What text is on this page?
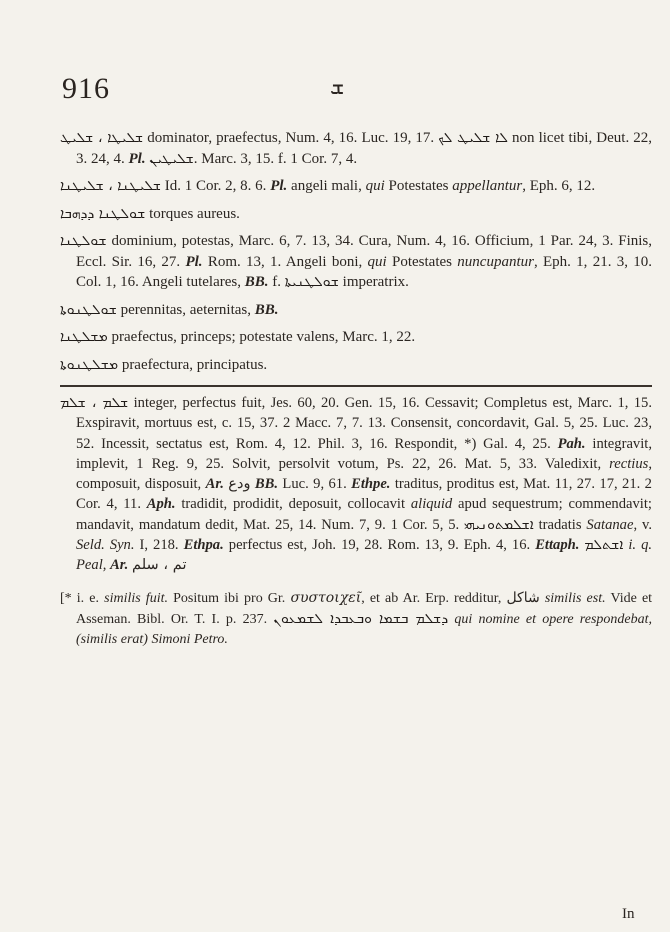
916	ܫ

ܫܠܝܛܐ ، ܫܠܝܛ dominator, praefectus, Num. 4, 16. Luc. 19, 17. ܠܐ ܫܠܝܛ ܠܟ non licet tibi, Deut. 22, 3. 24, 4. Pl. ܫܠܝܛܝܢ. Marc. 3, 15. f. 1 Cor. 7, 4.

ܫܠܝܛܢܐ ، ܫܠܝܛܢܐ Id. 1 Cor. 2, 8. 6. Pl. angeli mali, qui Potestates appellantur, Eph. 6, 12.

ܫܘܠܛܢܐ ܕܕܗܒܐ torques aureus.

ܫܘܠܛܢܐ dominium, potestas, Marc. 6, 7. 13, 34. Cura, Num. 4, 16. Officium, 1 Par. 24, 3. Finis, Eccl. Sir. 16, 27. Pl. Rom. 13, 1. Angeli boni, qui Potestates nuncupantur, Eph. 1, 21. 3, 10. Col. 1, 16. Angeli tutelares, BB. f. ܫܘܠܛܢܝܬܐ imperatrix.

ܫܘܠܛܢܘܬܐ perennitas, aeternitas, BB.

ܡܫܠܛܢܐ praefectus, princeps; potestate valens, Marc. 1, 22.

ܡܫܠܛܢܘܬܐ praefectura, principatus.

ܫܠܡ ، ܫܠܡ integer, perfectus fuit, Jes. 60, 20. Gen. 15, 16. Cessavit; Completus est, Marc. 1, 15. Exspiravit, mortuus est, c. 15, 37. 2 Macc. 7, 7. 13. Consensit, concordavit, Gal. 5, 25. Luc. 23, 52. Incessit, sectatus est, Rom. 4, 12. Phil. 3, 16. Respondit, *) Gal. 4, 25. Pah. integravit, implevit, 1 Reg. 9, 25. Solvit, persolvit votum, Ps. 22, 26. Mat. 5, 33. Valedixit, rectius, composuit, disposuit, Ar. ودع BB. Luc. 9, 61. Ethpe. traditus, proditus est, Mat. 11, 27. 17, 21. 2 Cor. 4, 11. Aph. tradidit, prodidit, deposuit, collocavit aliquid apud sequestrum; commendavit; mandavit, mandatum dedit, Mat. 25, 14. Num. 7, 9. 1 Cor. 5, 5. ܐܫܠܡܬܘܢܝܗܝ tradatis Satanae, v. Seld. Syn. I, 218. Ethpa. perfectus est, Joh. 19, 28. Rom. 13, 9. Eph. 4, 16. Ettaph. ܐܫܬܠܡ i. q. Peal, Ar. تم ، سلم

[* i. e. similis fuit. Positum ibi pro Gr. συστοιχεῖ, et ab Ar. Erp. redditur, شاكل similis est. Vide et Asseman. Bibl. Or. T. I. p. 237. ܕܫܠܡ ܒܫܡܐ ܘܒܥܒܕܐ ܠܫܡܥܘܢ qui nomine et opere respondebat, (similis erat) Simoni Petro.

In
